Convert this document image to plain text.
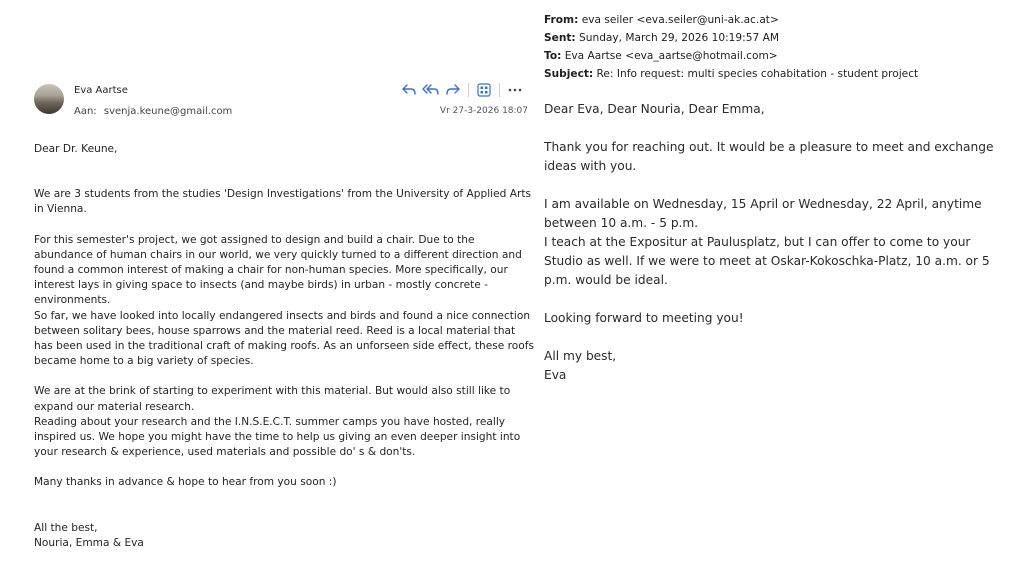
Eva Aartse
Aan: svenja.keune@gmail.com	Vr 27-3-2026 18:07

Dear Dr. Keune,

We are 3 students from the studies 'Design Investigations' from the University of Applied Arts in Vienna.

For this semester's project, we got assigned to design and build a chair. Due to the abundance of human chairs in our world, we very quickly turned to a different direction and found a common interest of making a chair for non-human species. More specifically, our interest lays in giving space to insects (and maybe birds) in urban - mostly concrete - environments.

So far, we have looked into locally endangered insects and birds and found a nice connection between solitary bees, house sparrows and the material reed. Reed is a local material that has been used in the traditional craft of making roofs. As an unforseen side effect, these roofs became home to a big variety of species.

We are at the brink of starting to experiment with this material. But would also still like to expand our material research.

Reading about your research and the I.N.S.E.C.T. summer camps you have hosted, really inspired us. We hope you might have the time to help us giving an even deeper insight into your research & experience, used materials and possible do' s & don'ts.

Many thanks in advance & hope to hear from you soon :)

All the best,

Nouria, Emma & Eva

From: eva seiler <eva.seiler@uni-ak.ac.at>
Sent: Sunday, March 29, 2026 10:19:57 AM
To: Eva Aartse <eva_aartse@hotmail.com>
Subject: Re: Info request: multi species cohabitation - student project

Dear Eva, Dear Nouria, Dear Emma,

Thank you for reaching out. It would be a pleasure to meet and exchange ideas with you.

I am available on Wednesday, 15 April or Wednesday, 22 April, anytime between 10 a.m. - 5 p.m.

I teach at the Expositur at Paulusplatz, but I can offer to come to your Studio as well. If we were to meet at Oskar-Kokoschka-Platz, 10 a.m. or 5 p.m. would be ideal.

Looking forward to meeting you!

All my best,

Eva
